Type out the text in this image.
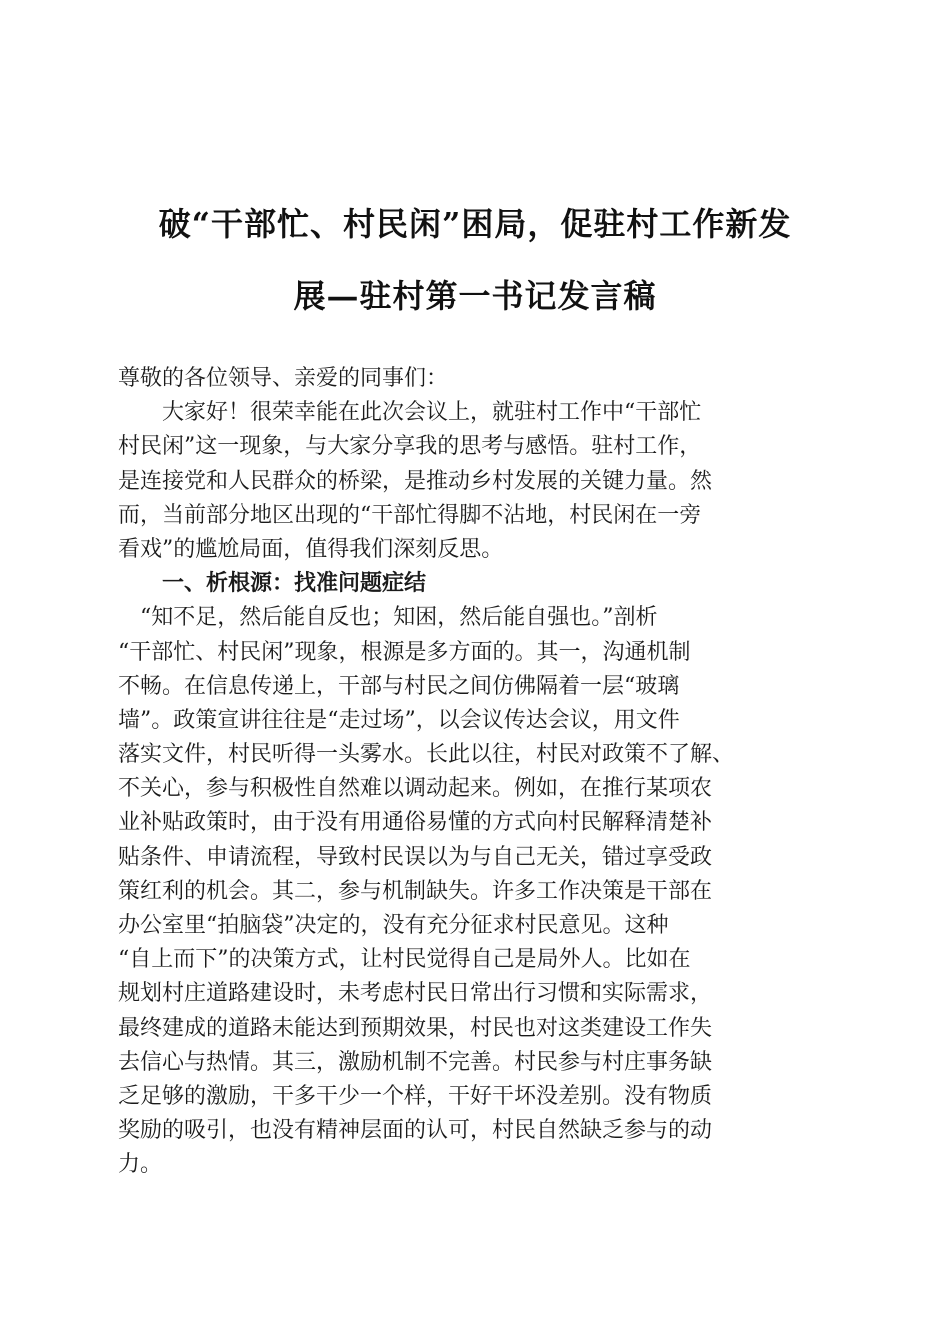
破“干部忙、村民闲”困局，促驻村工作新发
展—驻村第一书记发言稿
尊敬的各位领导、亲爱的同事们：
大家好！很荣幸能在此次会议上，就驻村工作中“干部忙
村民闲”这一现象，与大家分享我的思考与感悟。驻村工作，
是连接党和人民群众的桥梁，是推动乡村发展的关键力量。然
而，当前部分地区出现的“干部忙得脚不沾地，村民闲在一旁
看戏”的尴尬局面，值得我们深刻反思。
一、析根源：找准问题症结
“知不足，然后能自反也；知困，然后能自强也。”剖析
“干部忙、村民闲”现象，根源是多方面的。其一，沟通机制
不畅。在信息传递上，干部与村民之间仿佛隔着一层“玻璃
墙”。政策宣讲往往是“走过场”，以会议传达会议，用文件
落实文件，村民听得一头雾水。长此以往，村民对政策不了解、
不关心，参与积极性自然难以调动起来。例如，在推行某项农
业补贴政策时，由于没有用通俗易懂的方式向村民解释清楚补
贴条件、申请流程，导致村民误以为与自己无关，错过享受政
策红利的机会。其二，参与机制缺失。许多工作决策是干部在
办公室里“拍脑袋”决定的，没有充分征求村民意见。这种
“自上而下”的决策方式，让村民觉得自己是局外人。比如在
规划村庄道路建设时，未考虑村民日常出行习惯和实际需求，
最终建成的道路未能达到预期效果，村民也对这类建设工作失
去信心与热情。其三，激励机制不完善。村民参与村庄事务缺
乏足够的激励，干多干少一个样，干好干坏没差别。没有物质
奖励的吸引，也没有精神层面的认可，村民自然缺乏参与的动
力。
